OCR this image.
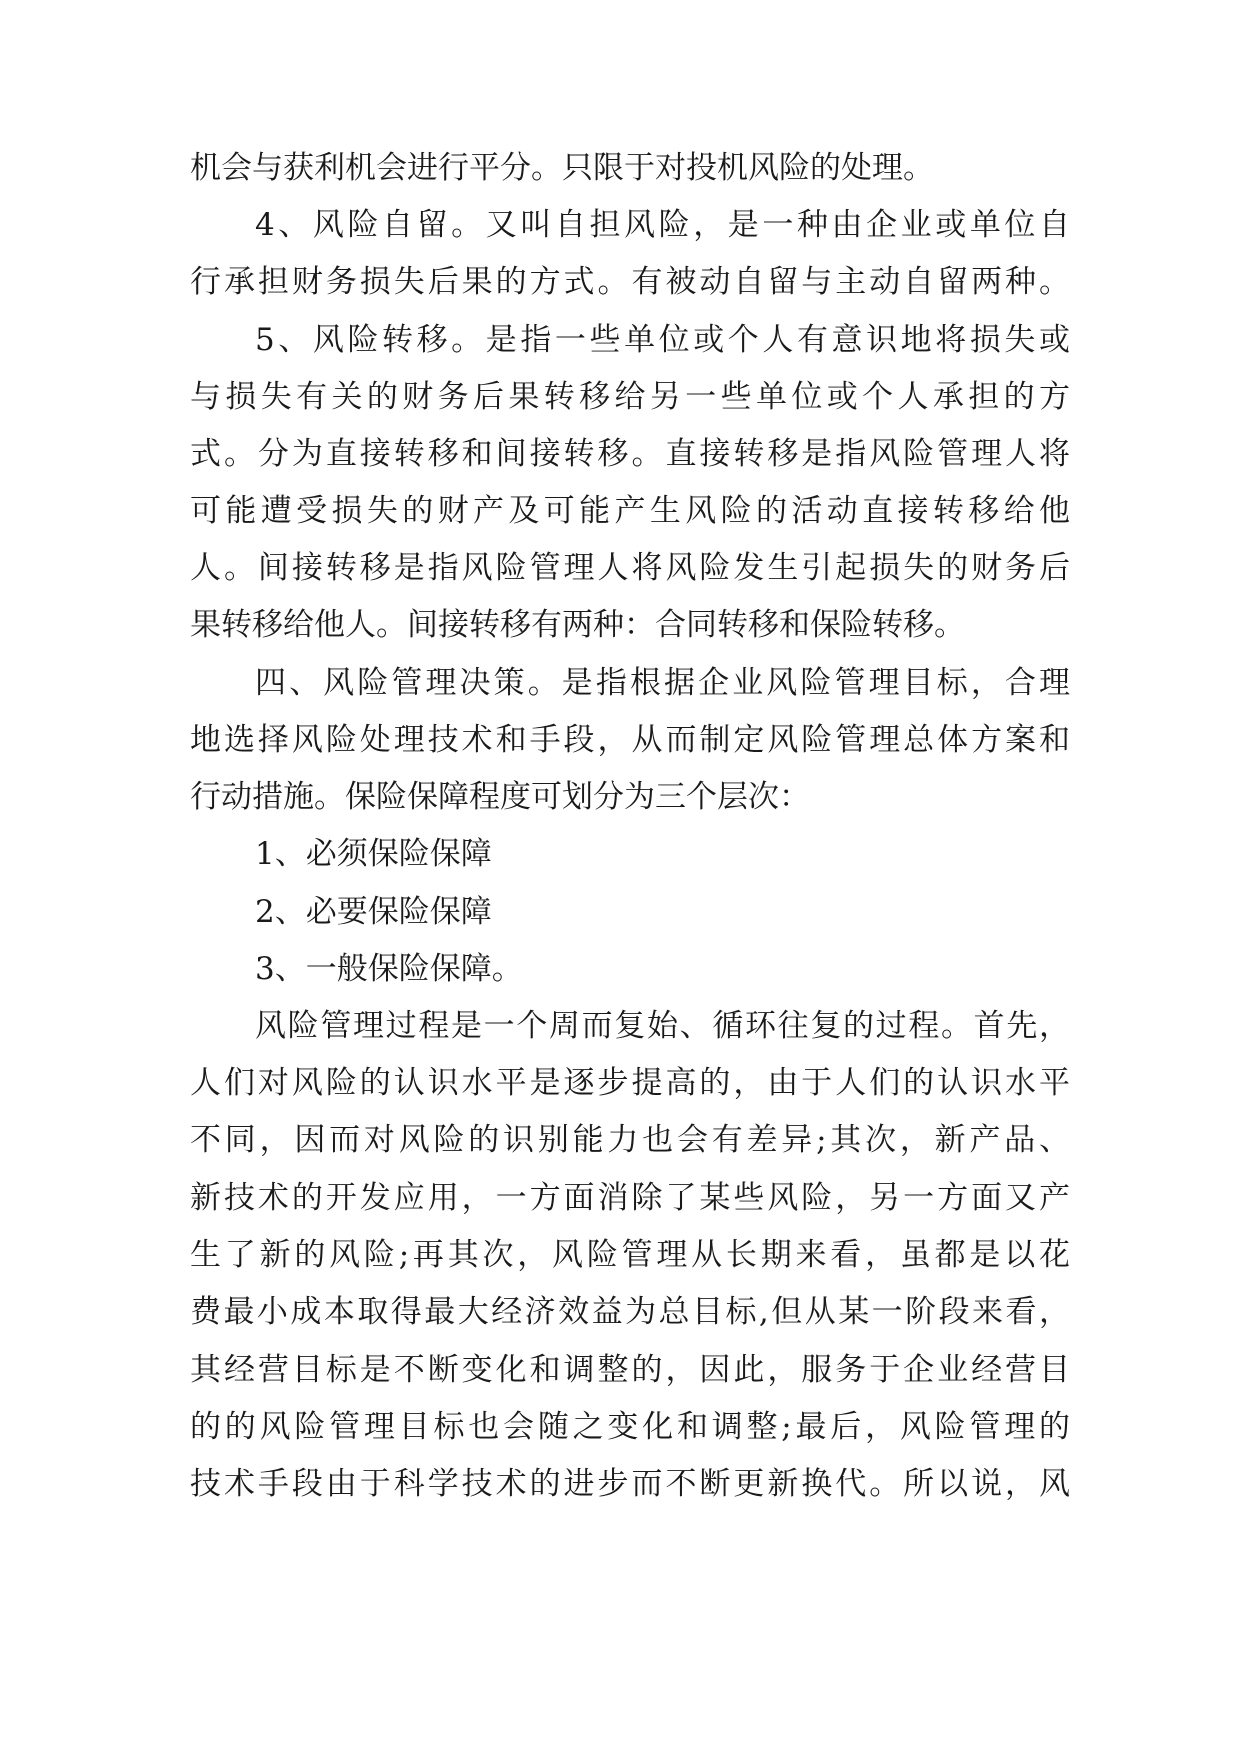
机会与获利机会进行平分。只限于对投机风险的处理。
4、风险自留。又叫自担风险，是一种由企业或单位自
行承担财务损失后果的方式。有被动自留与主动自留两种。
5、风险转移。是指一些单位或个人有意识地将损失或
与损失有关的财务后果转移给另一些单位或个人承担的方
式。分为直接转移和间接转移。直接转移是指风险管理人将
可能遭受损失的财产及可能产生风险的活动直接转移给他
人。间接转移是指风险管理人将风险发生引起损失的财务后
果转移给他人。间接转移有两种：合同转移和保险转移。
四、风险管理决策。是指根据企业风险管理目标，合理
地选择风险处理技术和手段，从而制定风险管理总体方案和
行动措施。保险保障程度可划分为三个层次：
1、必须保险保障
2、必要保险保障
3、一般保险保障。
风险管理过程是一个周而复始、循环往复的过程。首先，
人们对风险的认识水平是逐步提高的，由于人们的认识水平
不同，因而对风险的识别能力也会有差异;其次，新产品、
新技术的开发应用，一方面消除了某些风险，另一方面又产
生了新的风险;再其次，风险管理从长期来看，虽都是以花
费最小成本取得最大经济效益为总目标,但从某一阶段来看，
其经营目标是不断变化和调整的，因此，服务于企业经营目
的的风险管理目标也会随之变化和调整;最后，风险管理的
技术手段由于科学技术的进步而不断更新换代。所以说，风
